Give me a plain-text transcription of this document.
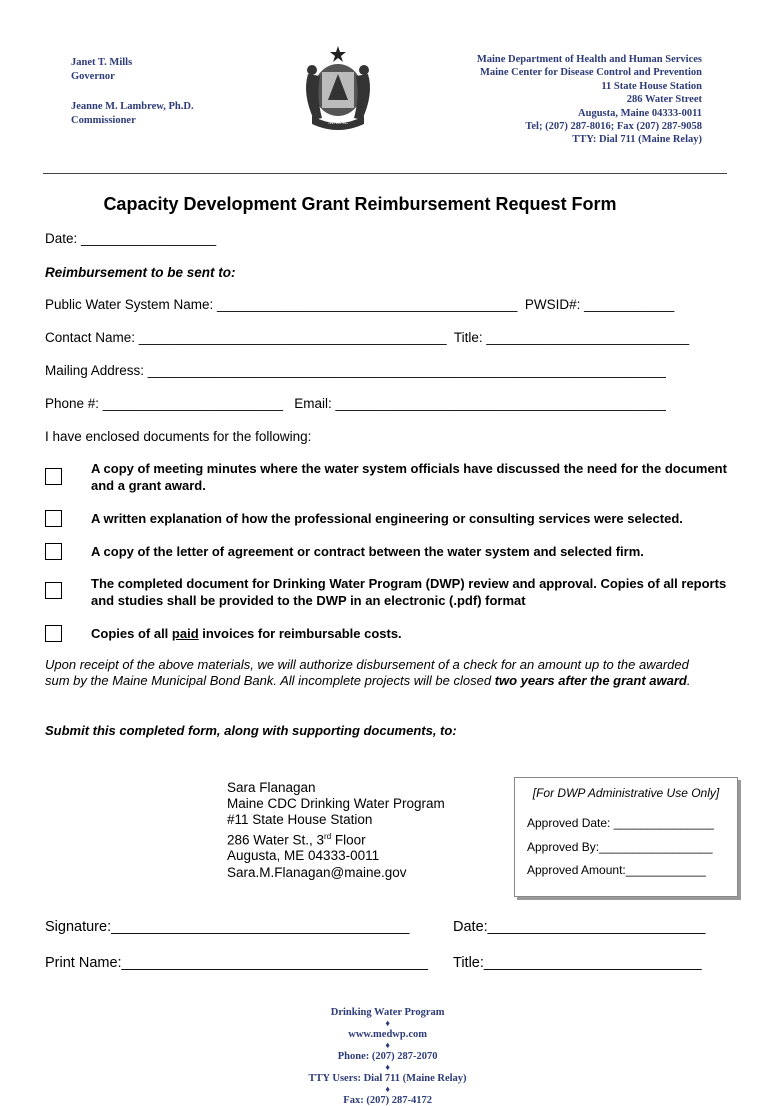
Janet T. Mills
Governor
Jeanne M. Lambrew, Ph.D.
Commissioner	MAINE
Maine Department of Health and Human Services
Maine Center for Disease Control and Prevention
11 State House Station
286 Water Street
Augusta, Maine 04333-0011
Tel; (207) 287-8016; Fax (207) 287-9058
TTY: Dial 711 (Maine Relay)
Capacity Development Grant Reimbursement Request Form
Date: __________________
Reimbursement to be sent to:
Public Water System Name: ________________________________________  PWSID#: ____________
Contact Name: _________________________________________  Title: ___________________________
Mailing Address: _____________________________________________________________________
Phone #: ________________________   Email: ____________________________________________
I have enclosed documents for the following:
A copy of meeting minutes where the water system officials have discussed the need for the document and a grant award.
A written explanation of how the professional engineering or consulting services were selected.
A copy of the letter of agreement or contract between the water system and selected firm.
The completed document for Drinking Water Program (DWP) review and approval. Copies of all reports and studies shall be provided to the DWP in an electronic (.pdf) format
Copies of all paid invoices for reimbursable costs.
Upon receipt of the above materials, we will authorize disbursement of a check for an amount up to the awarded sum by the Maine Municipal Bond Bank. All incomplete projects will be closed two years after the grant award.
Submit this completed form, along with supporting documents, to:
Sara Flanagan
Maine CDC Drinking Water Program
#11 State House Station
286 Water St., 3rd Floor
Augusta, ME 04333-0011
Sara.M.Flanagan@maine.gov
[For DWP Administrative Use Only]
Approved Date: _______________
Approved By:_________________
Approved Amount:____________
Signature:_____________________________________	Date:___________________________
Print Name:______________________________________ Title:___________________________

Drinking Water Program
♦
www.medwp.com
♦
Phone: (207) 287-2070
♦
TTY Users: Dial 711 (Maine Relay)
♦
Fax: (207) 287-4172
